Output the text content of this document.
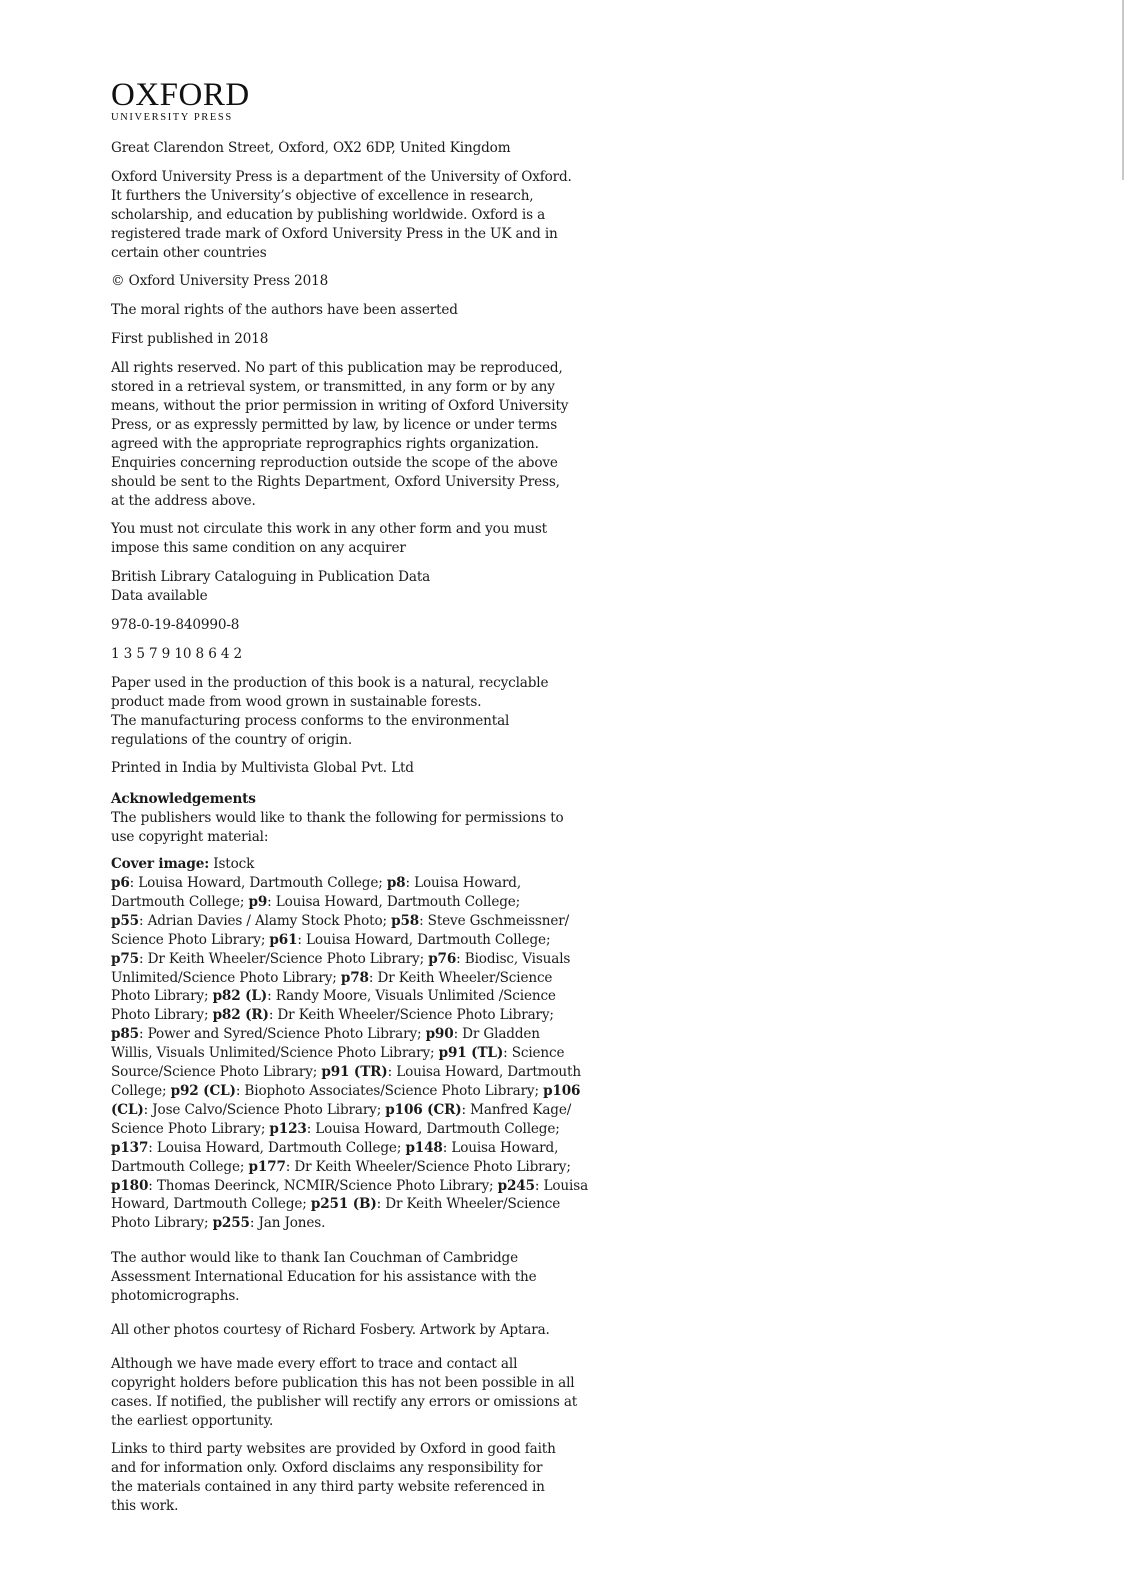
OXFORD
UNIVERSITY PRESS

Great Clarendon Street, Oxford, OX2 6DP, United Kingdom

Oxford University Press is a department of the University of Oxford.
It furthers the University’s objective of excellence in research,
scholarship, and education by publishing worldwide. Oxford is a
registered trade mark of Oxford University Press in the UK and in
certain other countries

© Oxford University Press 2018

The moral rights of the authors have been asserted

First published in 2018

All rights reserved. No part of this publication may be reproduced,
stored in a retrieval system, or transmitted, in any form or by any
means, without the prior permission in writing of Oxford University
Press, or as expressly permitted by law, by licence or under terms
agreed with the appropriate reprographics rights organization.
Enquiries concerning reproduction outside the scope of the above
should be sent to the Rights Department, Oxford University Press,
at the address above.

You must not circulate this work in any other form and you must
impose this same condition on any acquirer

British Library Cataloguing in Publication Data
Data available

978-0-19-840990-8

1 3 5 7 9 10 8 6 4 2

Paper used in the production of this book is a natural, recyclable
product made from wood grown in sustainable forests.
The manufacturing process conforms to the environmental
regulations of the country of origin.

Printed in India by Multivista Global Pvt. Ltd

Acknowledgements

The publishers would like to thank the following for permissions to
use copyright material:

Cover image: Istock
p6: Louisa Howard, Dartmouth College; p8: Louisa Howard,
Dartmouth College; p9: Louisa Howard, Dartmouth College;
p55: Adrian Davies / Alamy Stock Photo; p58: Steve Gschmeissner/
Science Photo Library; p61: Louisa Howard, Dartmouth College;
p75: Dr Keith Wheeler/Science Photo Library; p76: Biodisc, Visuals
Unlimited/Science Photo Library; p78: Dr Keith Wheeler/Science
Photo Library; p82 (L): Randy Moore, Visuals Unlimited /Science
Photo Library; p82 (R): Dr Keith Wheeler/Science Photo Library;
p85: Power and Syred/Science Photo Library; p90: Dr Gladden
Willis, Visuals Unlimited/Science Photo Library; p91 (TL): Science
Source/Science Photo Library; p91 (TR): Louisa Howard, Dartmouth
College; p92 (CL): Biophoto Associates/Science Photo Library; p106
(CL): Jose Calvo/Science Photo Library; p106 (CR): Manfred Kage/
Science Photo Library; p123: Louisa Howard, Dartmouth College;
p137: Louisa Howard, Dartmouth College; p148: Louisa Howard,
Dartmouth College; p177: Dr Keith Wheeler/Science Photo Library;
p180: Thomas Deerinck, NCMIR/Science Photo Library; p245: Louisa
Howard, Dartmouth College; p251 (B): Dr Keith Wheeler/Science
Photo Library; p255: Jan Jones.

The author would like to thank Ian Couchman of Cambridge
Assessment International Education for his assistance with the
photomicrographs.

All other photos courtesy of Richard Fosbery. Artwork by Aptara.

Although we have made every effort to trace and contact all
copyright holders before publication this has not been possible in all
cases. If notified, the publisher will rectify any errors or omissions at
the earliest opportunity.

Links to third party websites are provided by Oxford in good faith
and for information only. Oxford disclaims any responsibility for
the materials contained in any third party website referenced in
this work.
